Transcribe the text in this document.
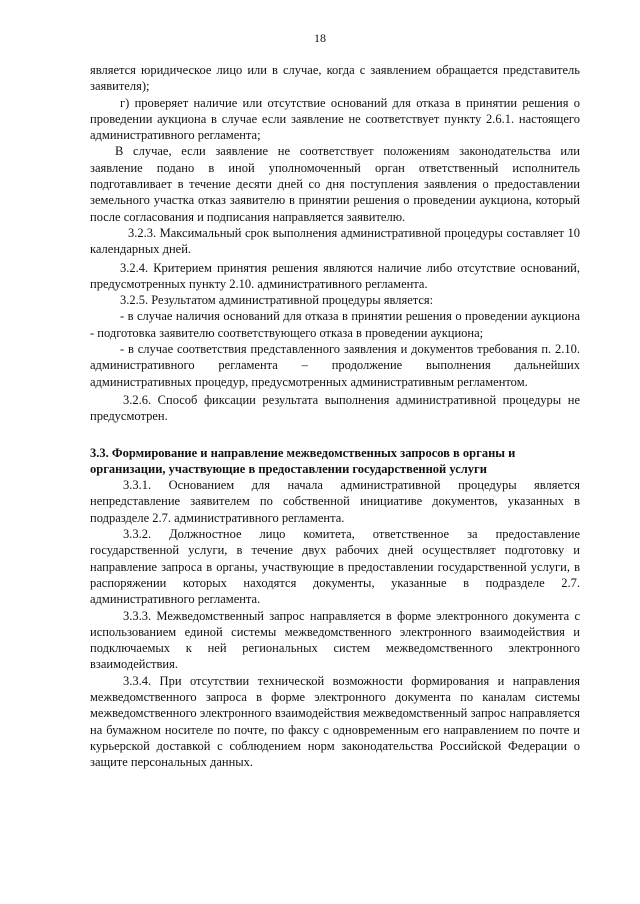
18

является юридическое лицо или в случае, когда с заявлением обращается представитель заявителя);

г) проверяет наличие или отсутствие оснований для отказа в принятии решения о проведении аукциона в случае если заявление не соответствует пункту 2.6.1. настоящего административного регламента;

В случае, если заявление не соответствует положениям законодательства или заявление подано в иной уполномоченный орган ответственный исполнитель подготавливает в течение десяти дней со дня поступления заявления о предоставлении земельного участка отказ заявителю в принятии решения о проведении аукциона, который после согласования и подписания направляется заявителю.

3.2.3. Максимальный срок выполнения административной процедуры составляет 10 календарных дней.

3.2.4. Критерием принятия решения являются наличие либо отсутствие оснований, предусмотренных пункту 2.10. административного регламента.

3.2.5. Результатом административной процедуры является:

- в случае наличия оснований для отказа в принятии решения о проведении аукциона - подготовка заявителю соответствующего отказа в проведении аукциона;

- в случае соответствия представленного заявления и документов требования п. 2.10. административного регламента – продолжение выполнения дальнейших административных процедур, предусмотренных административным регламентом.

3.2.6. Способ фиксации результата выполнения административной процедуры не предусмотрен.

3.3. Формирование и направление межведомственных запросов в органы и
организации, участвующие в предоставлении государственной услуги

3.3.1. Основанием для начала административной процедуры является непредставление заявителем по собственной инициативе документов, указанных в подразделе 2.7. административного регламента.

3.3.2. Должностное лицо комитета, ответственное за предоставление государственной услуги, в течение двух рабочих дней осуществляет подготовку и направление запроса в органы, участвующие в предоставлении государственной услуги, в распоряжении которых находятся документы, указанные в подразделе 2.7. административного регламента.

3.3.3. Межведомственный запрос направляется в форме электронного документа с использованием единой системы межведомственного электронного взаимодействия и подключаемых к ней региональных систем межведомственного электронного взаимодействия.

3.3.4. При отсутствии технической возможности формирования и направления межведомственного запроса в форме электронного документа по каналам системы межведомственного электронного взаимодействия межведомственный запрос направляется на бумажном носителе по почте, по факсу с одновременным его направлением по почте и курьерской доставкой с соблюдением норм законодательства Российской Федерации о защите персональных данных.
